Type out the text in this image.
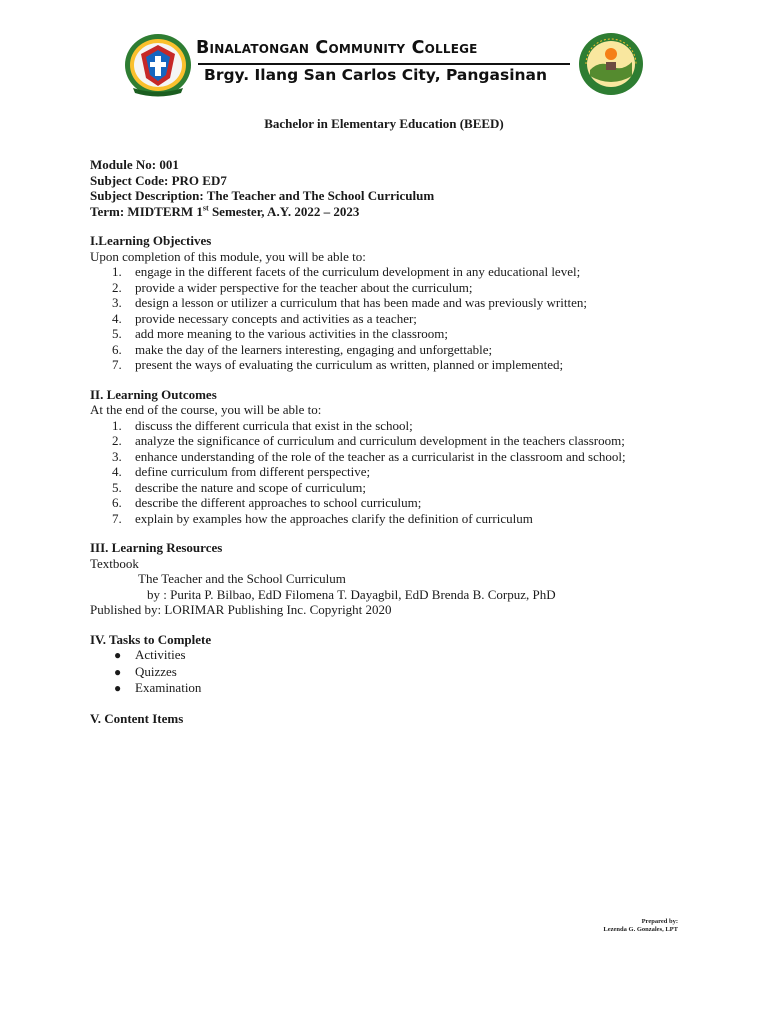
Binalatongan Community College
Brgy. Ilang San Carlos City, Pangasinan
Bachelor in Elementary Education (BEED)
Module No: 001
Subject Code: PRO ED7
Subject Description: The Teacher and The School Curriculum
Term: MIDTERM 1st Semester, A.Y. 2022 – 2023
I.Learning Objectives
Upon completion of this module, you will be able to:
1. engage in the different facets of the curriculum development in any educational level;
2. provide a wider perspective for the teacher about the curriculum;
3. design a lesson or utilizer a curriculum that has been made and was previously written;
4. provide necessary concepts and activities as a teacher;
5. add more meaning to the various activities in the classroom;
6. make the day of the learners interesting, engaging and unforgettable;
7. present the ways of evaluating the curriculum as written, planned or implemented;
II. Learning Outcomes
At the end of the course, you will be able to:
1. discuss the different curricula that exist in the school;
2. analyze the significance of curriculum and curriculum development in the teachers classroom;
3. enhance understanding of the role of the teacher as a curricularist in the classroom and school;
4. define curriculum from different perspective;
5. describe the nature and scope of curriculum;
6. describe the different approaches to school curriculum;
7. explain by examples how the approaches clarify the definition of curriculum
III. Learning Resources
Textbook
The Teacher and the School Curriculum
by : Purita P. Bilbao, EdD Filomena T. Dayagbil, EdD Brenda B. Corpuz, PhD
Published by: LORIMAR Publishing Inc. Copyright 2020
IV. Tasks to Complete
● Activities
● Quizzes
● Examination
V. Content Items
Prepared by:
Lezenda G. Gonzales, LPT
